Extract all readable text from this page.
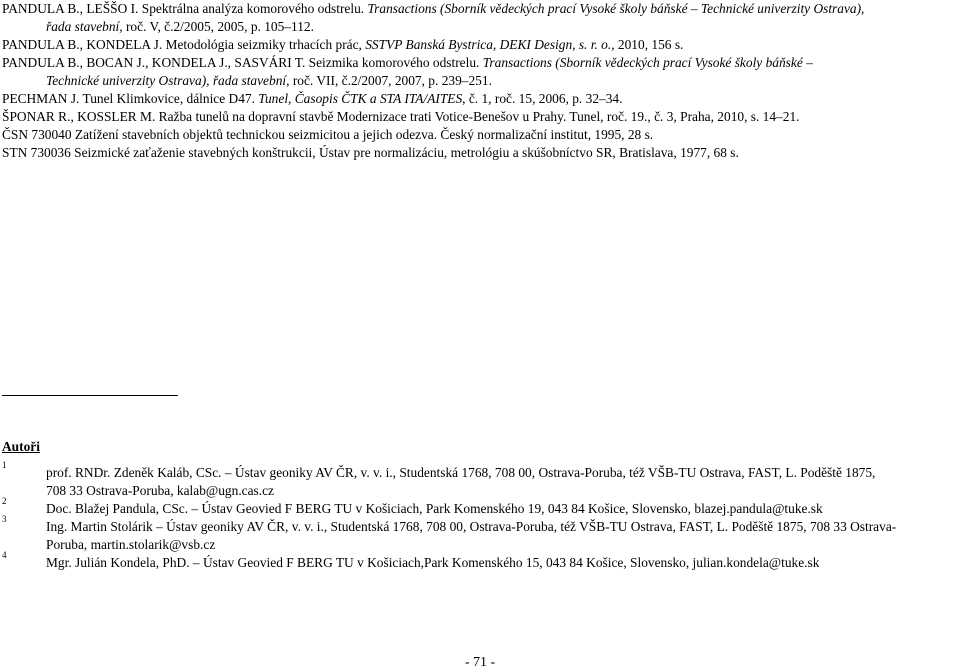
PANDULA B., LEŠŠO I. Spektrálna analýza komorového odstrelu. Transactions (Sborník vědeckých prací Vysoké školy báňské – Technické univerzity Ostrava),
řada stavební, roč. V, č.2/2005, 2005, p. 105–112.
PANDULA B., KONDELA J. Metodológia seizmiky trhacích prác, SSTVP Banská Bystrica, DEKI Design, s. r. o., 2010, 156 s.
PANDULA B., BOCAN J., KONDELA J., SASVÁRI T. Seizmika komorového odstrelu. Transactions (Sborník vědeckých prací Vysoké školy báňské –
Technické univerzity Ostrava), řada stavební, roč. VII, č.2/2007, 2007, p. 239–251.
PECHMAN J. Tunel Klimkovice, dálnice D47. Tunel, Časopis ČTK a STA ITA/AITES, č. 1, roč. 15, 2006, p. 32–34.
ŠPONAR R., KOSSLER M. Ražba tunelů na dopravní stavbě Modernizace trati Votice-Benešov u Prahy. Tunel, roč. 19., č. 3, Praha, 2010, s. 14–21.
ČSN 730040 Zatížení stavebních objektů technickou seizmicitou a jejich odezva. Český normalizační institut, 1995, 28 s.
STN 730036 Seizmické zaťaženie stavebných konštrukcii, Ústav pre normalizáciu, metrológiu a skúšobníctvo SR, Bratislava, 1977, 68 s.
Autoři
1	prof. RNDr. Zdeněk Kaláb, CSc. – Ústav geoniky AV ČR, v. v. i., Studentská 1768, 708 00, Ostrava-Poruba, též VŠB-TU Ostrava, FAST, L. Poděště 1875,
708 33 Ostrava-Poruba, kalab@ugn.cas.cz
2	Doc. Blažej Pandula, CSc. – Ústav Geovied F BERG TU v Košiciach, Park Komenského 19, 043 84 Košice, Slovensko, blazej.pandula@tuke.sk
3	Ing. Martin Stolárik – Ústav geoniky AV ČR, v. v. i., Studentská 1768, 708 00, Ostrava-Poruba, též VŠB-TU Ostrava, FAST, L. Poděště 1875, 708 33 Ostrava-
Poruba, martin.stolarik@vsb.cz
4	Mgr. Julián Kondela, PhD. – Ústav Geovied F BERG TU v Košiciach,Park Komenského 15, 043 84 Košice, Slovensko, julian.kondela@tuke.sk
- 71 -
